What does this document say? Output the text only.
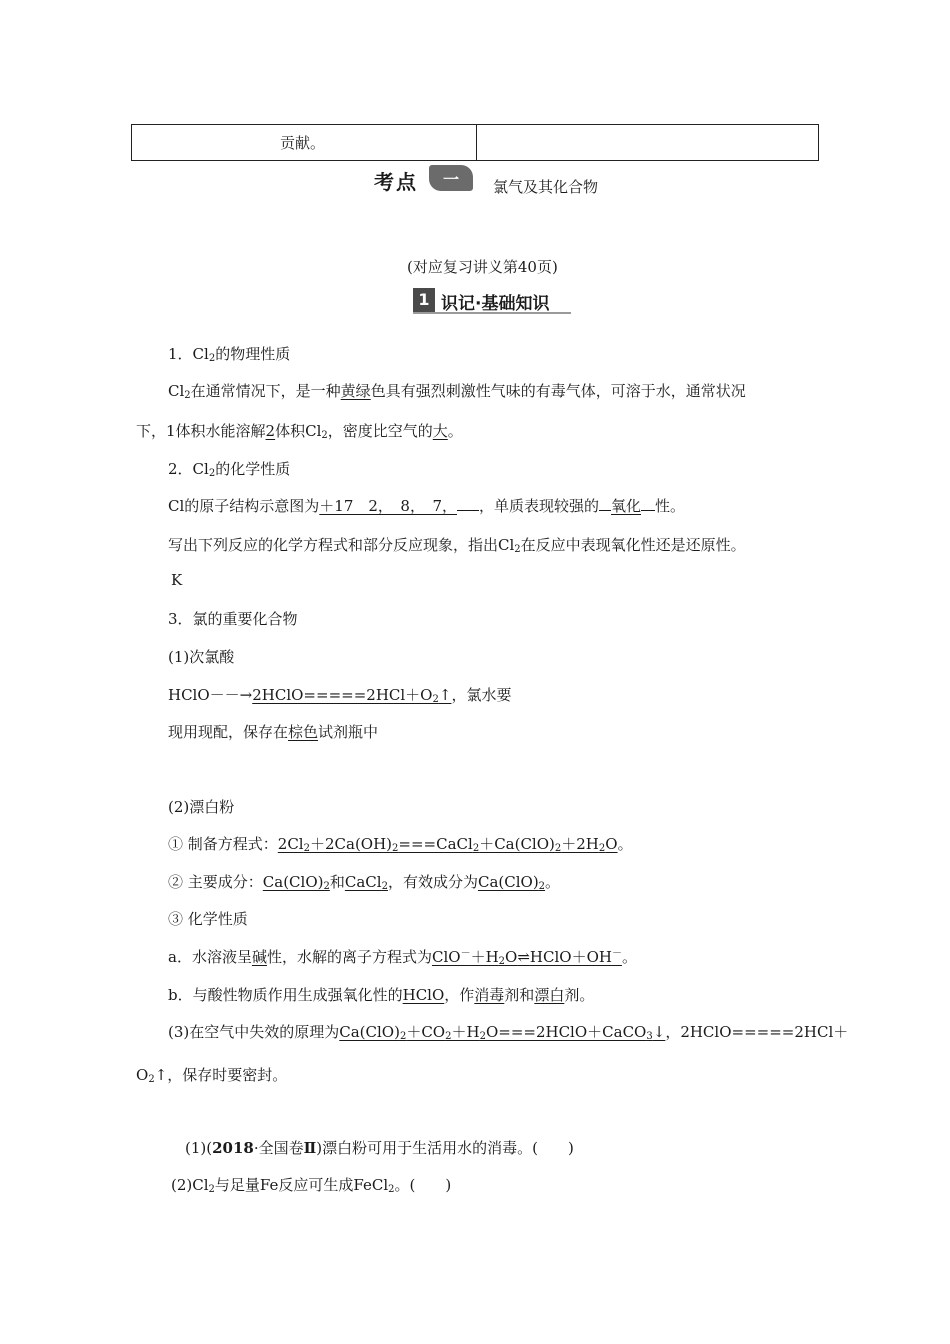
贡献。
考点	一	氯气及其化合物
(对应复习讲义第40页)
1 识记·基础知识
1．$Cl_2$的物理性质
$Cl_2$在通常情况下，是一种黄绿色具有强烈刺激性气味的有毒气体，可溶于水，通常状况
下，1体积水能溶解2体积$Cl_2$，密度比空气的大。
2．$Cl_2$的化学性质
Cl的原子结构示意图为＋17　2，　8，　7， ，单质表现较强的 氧化 性。
写出下列反应的化学方程式和部分反应现象，指出$Cl_2$在反应中表现氧化性还是还原性。
K
3．氯的重要化合物
(1)次氯酸
$HClO--\to 2HClO=====2HCl+O_2↑$，氯水要
现用现配，保存在棕色试剂瓶中
(2)漂白粉
① 制备方程式：$2Cl_2+2Ca(OH)_2===CaCl_2+Ca(ClO)_2+2H_2O$。
② 主要成分：$Ca(ClO)_2$和CaCl$_2$，有效成分为$Ca(ClO)_2$。
③ 化学性质
a．水溶液呈碱性，水解的离子方程式为$ClO^-+H_2O\rightleftharpoons HClO+OH^-$。
b．与酸性物质作用生成强氧化性的HClO，作消毒剂和漂白剂。
(3)在空气中失效的原理为$Ca(ClO)_2+CO_2+H_2O===2HClO+CaCO_3↓$，2HClO=====2HCl＋
$O_2↑$，保存时要密封。
(1)(2018·全国卷Ⅱ)漂白粉可用于生活用水的消毒。(　　)
$(2)Cl_2$与足量Fe反应可生成FeCl$_2$。(　　)
